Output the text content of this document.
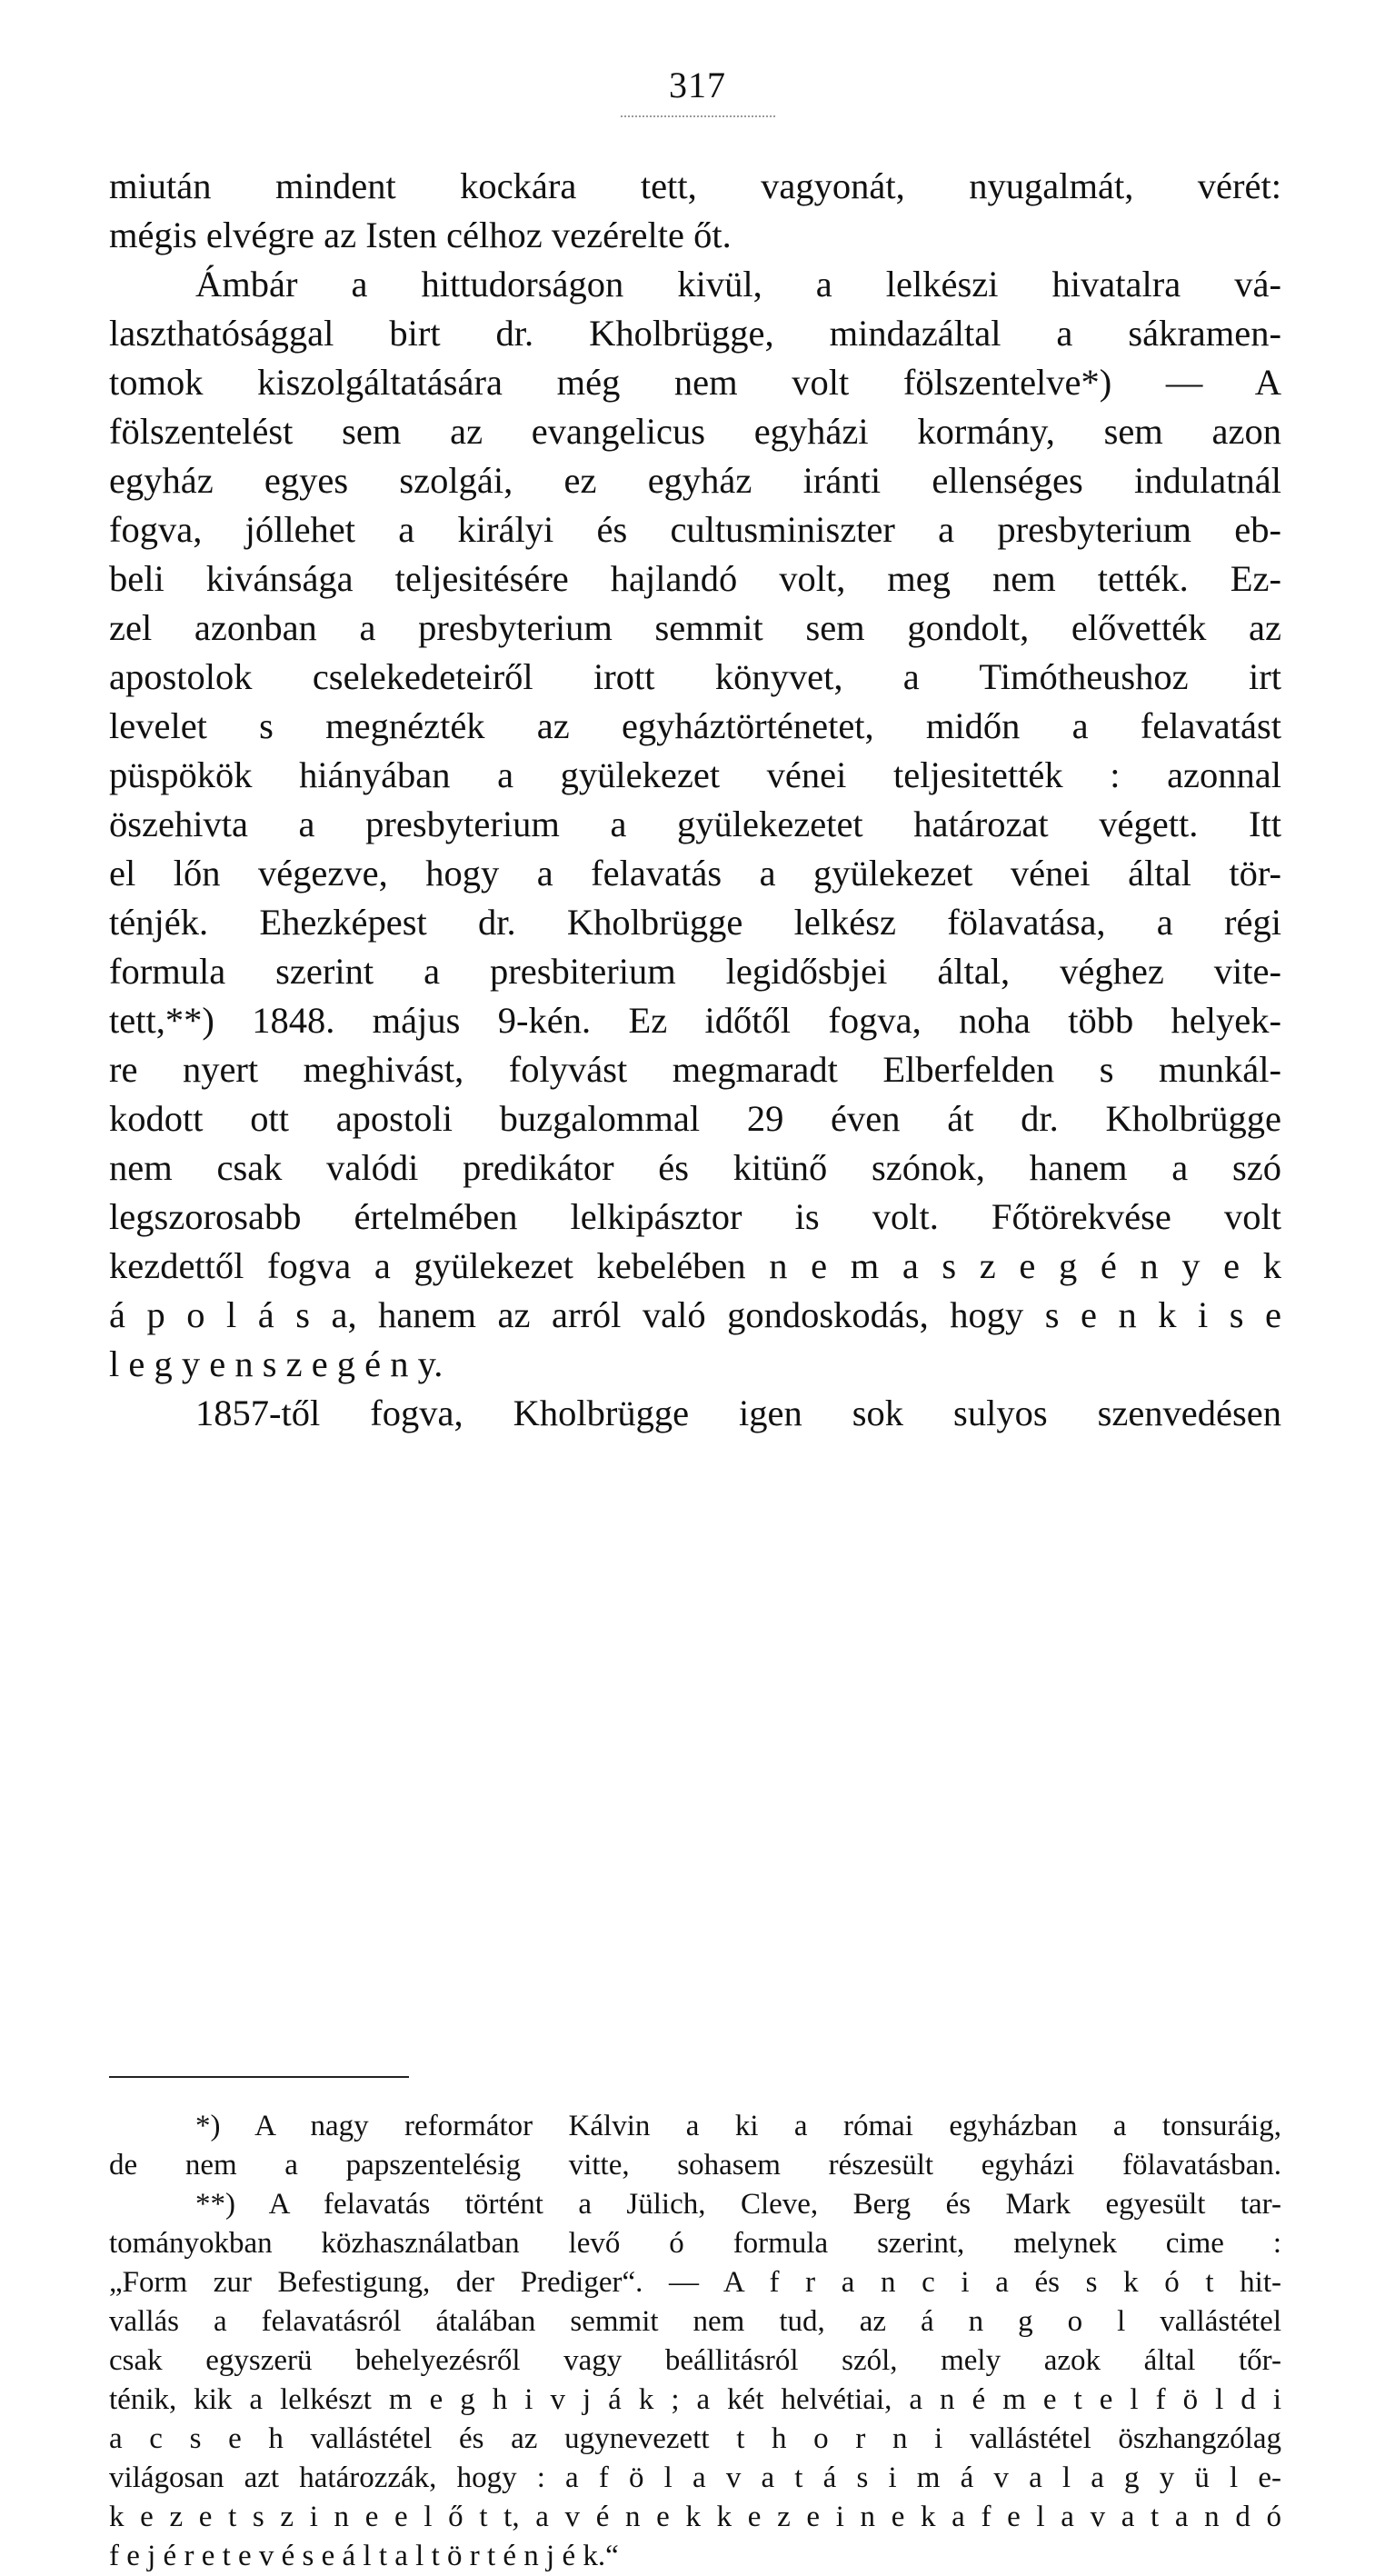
317
miután mindent kockára tett, vagyonát, nyugalmát, vérét:
mégis elvégre az Isten célhoz vezérelte őt.
Ámbár a hittudorságon kivül, a lelkészi hivatalra vá-
laszthatósággal birt dr. Kholbrügge, mindazáltal a sákramen-
tomok kiszolgáltatására még nem volt fölszentelve*) — A
fölszentelést sem az evangelicus egyházi kormány, sem azon
egyház egyes szolgái, ez egyház iránti ellenséges indulatnál
fogva, jóllehet a királyi és cultusminiszter a presbyterium eb-
beli kivánsága teljesitésére hajlandó volt, meg nem tették. Ez-
zel azonban a presbyterium semmit sem gondolt, elővették az
apostolok cselekedeteiről irott könyvet, a Timótheushoz irt
levelet s megnézték az egyháztörténetet, midőn a felavatást
püspökök hiányában a gyülekezet vénei teljesitették : azonnal
öszehivta a presbyterium a gyülekezetet határozat végett. Itt
el lőn végezve, hogy a felavatás a gyülekezet vénei által tör-
ténjék. Ehezképest dr. Kholbrügge lelkész fölavatása, a régi
formula szerint a presbiterium legidősbjei által, véghez vite-
tett,**) 1848. május 9-kén. Ez időtől fogva, noha több helyek-
re nyert meghivást, folyvást megmaradt Elberfelden s munkál-
kodott ott apostoli buzgalommal 29 éven át dr. Kholbrügge
nem csak valódi predikátor és kitünő szónok, hanem a szó
legszorosabb értelmében lelkipásztor is volt. Főtörekvése volt
kezdettől fogva a gyülekezet kebelében n e m a s z e g é n y e k
á p o l á s a, hanem az arról való gondoskodás, hogy s e n k i s e
l e g y e n s z e g é n y.
1857-től fogva, Kholbrügge igen sok sulyos szenvedésen
*) A nagy reformátor Kálvin a ki a római egyházban a tonsuráig,
de nem a papszentelésig vitte, sohasem részesült egyházi fölavatásban.
**) A felavatás történt a Jülich, Cleve, Berg és Mark egyesült tar-
tományokban közhasználatban levő ó formula szerint, melynek cime :
„Form zur Befestigung, der Prediger“. — A f r a n c i a és s k ó t hit-
vallás a felavatásról átalában semmit nem tud, az á n g o l vallástétel
csak egyszerü behelyezésről vagy beállitásról szól, mely azok által tőr-
ténik, kik a lelkészt m e g h i v j á k ; a két helvétiai, a n é m e t e l f ö l d i
a c s e h vallástétel és az ugynevezett t h o r n i vallástétel öszhangzólag
világosan azt határozzák, hogy : a f ö l a v a t á s i m á v a l a g y ü l e-
k e z e t s z i n e e l ő t t, a v é n e k k e z e i n e k a f e l a v a t a n d ó
f e j é r e t e v é s e á l t a l t ö r t é n j é k.“
